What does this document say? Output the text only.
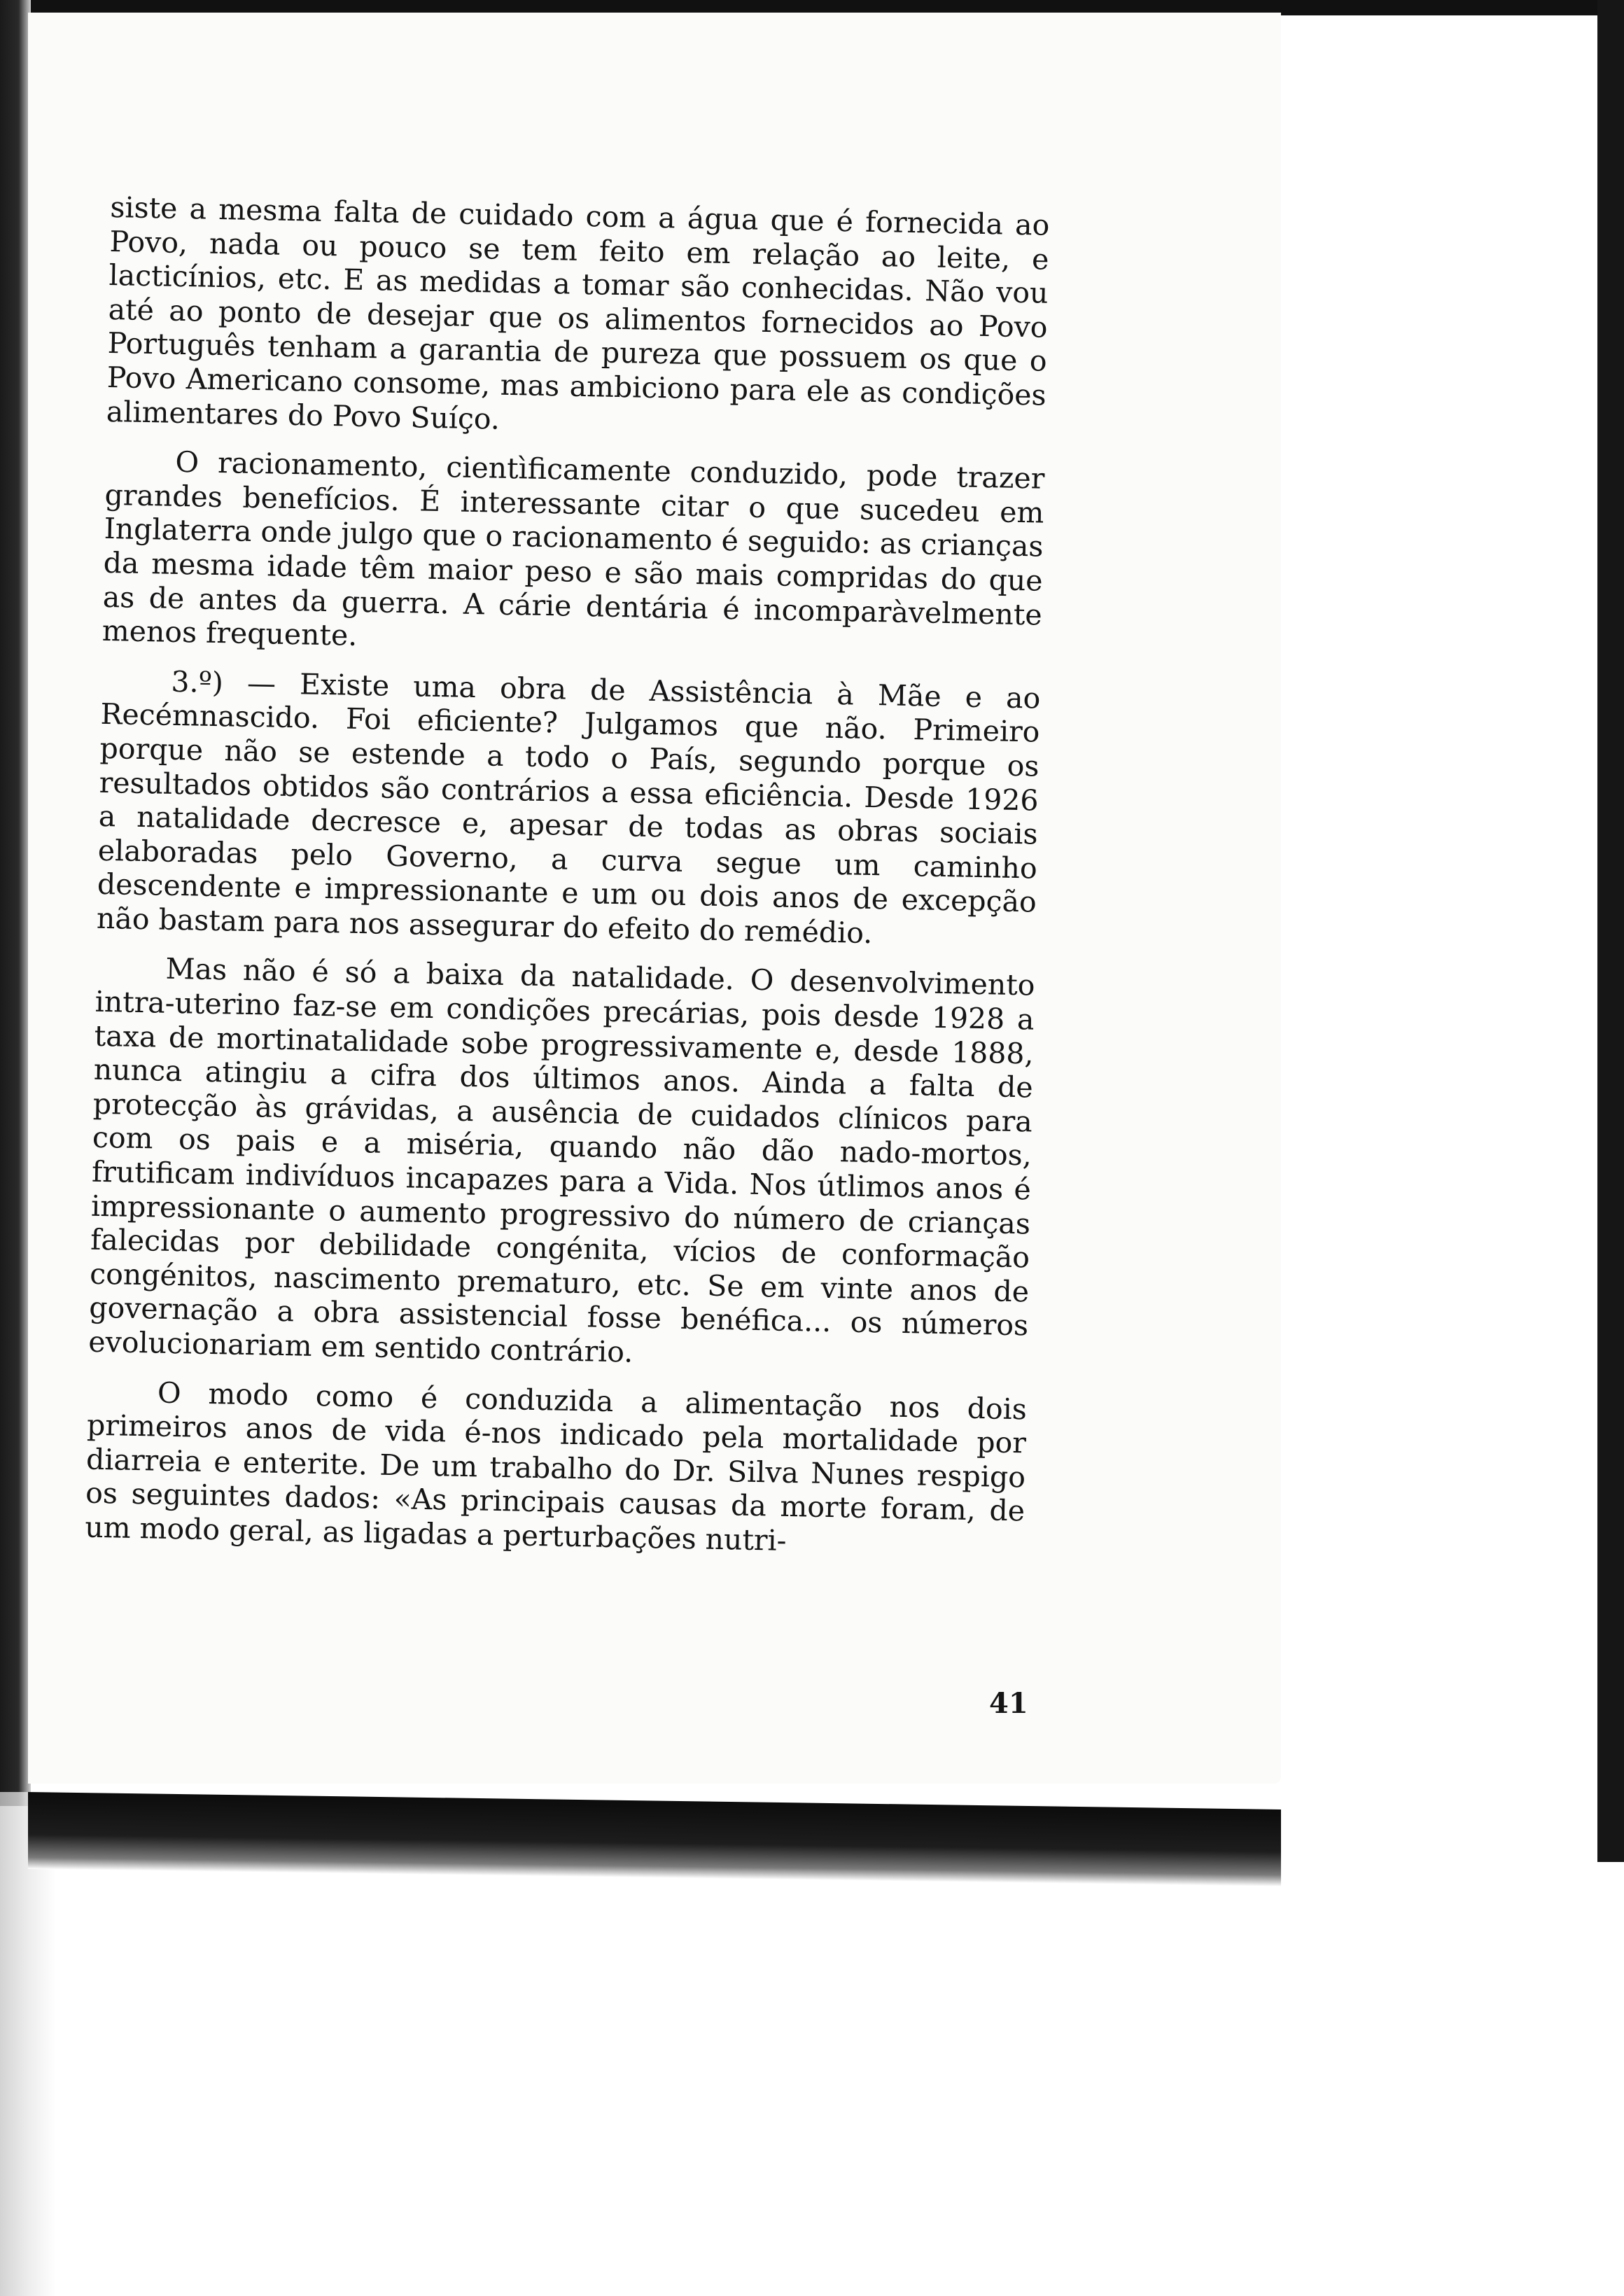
siste a mesma falta de cuidado com a água que é fornecida ao Povo, nada ou pouco se tem feito em relação ao leite, e lacticínios, etc. E as medidas a tomar são conhecidas. Não vou até ao ponto de desejar que os alimentos fornecidos ao Povo Português tenham a garantia de pureza que possuem os que o Povo Americano consome, mas ambiciono para ele as condições alimentares do Povo Suíço.

O racionamento, cientìficamente conduzido, pode trazer grandes benefícios. É interessante citar o que sucedeu em Inglaterra onde julgo que o racionamento é seguido: as crianças da mesma idade têm maior peso e são mais compridas do que as de antes da guerra. A cárie dentária é incomparàvelmente menos frequente.

3.º) — Existe uma obra de Assistência à Mãe e ao Recémnascido. Foi eficiente? Julgamos que não. Primeiro porque não se estende a todo o País, segundo porque os resultados obtidos são contrários a essa eficiência. Desde 1926 a natalidade decresce e, apesar de todas as obras sociais elaboradas pelo Governo, a curva segue um caminho descendente e impressionante e um ou dois anos de excepção não bastam para nos assegurar do efeito do remédio.

Mas não é só a baixa da natalidade. O desenvolvimento intra-uterino faz-se em condições precárias, pois desde 1928 a taxa de mortinatalidade sobe progressivamente e, desde 1888, nunca atingiu a cifra dos últimos anos. Ainda a falta de protecção às grávidas, a ausência de cuidados clínicos para com os pais e a miséria, quando não dão nado-mortos, frutificam indivíduos incapazes para a Vida. Nos útlimos anos é impressionante o aumento progressivo do número de crianças falecidas por debilidade congénita, vícios de conformação congénitos, nascimento prematuro, etc. Se em vinte anos de governação a obra assistencial fosse benéfica... os números evolucionariam em sentido contrário.

O modo como é conduzida a alimentação nos dois primeiros anos de vida é-nos indicado pela mortalidade por diarreia e enterite. De um trabalho do Dr. Silva Nunes respigo os seguintes dados: «As principais causas da morte foram, de um modo geral, as ligadas a perturbações nutri-

41
